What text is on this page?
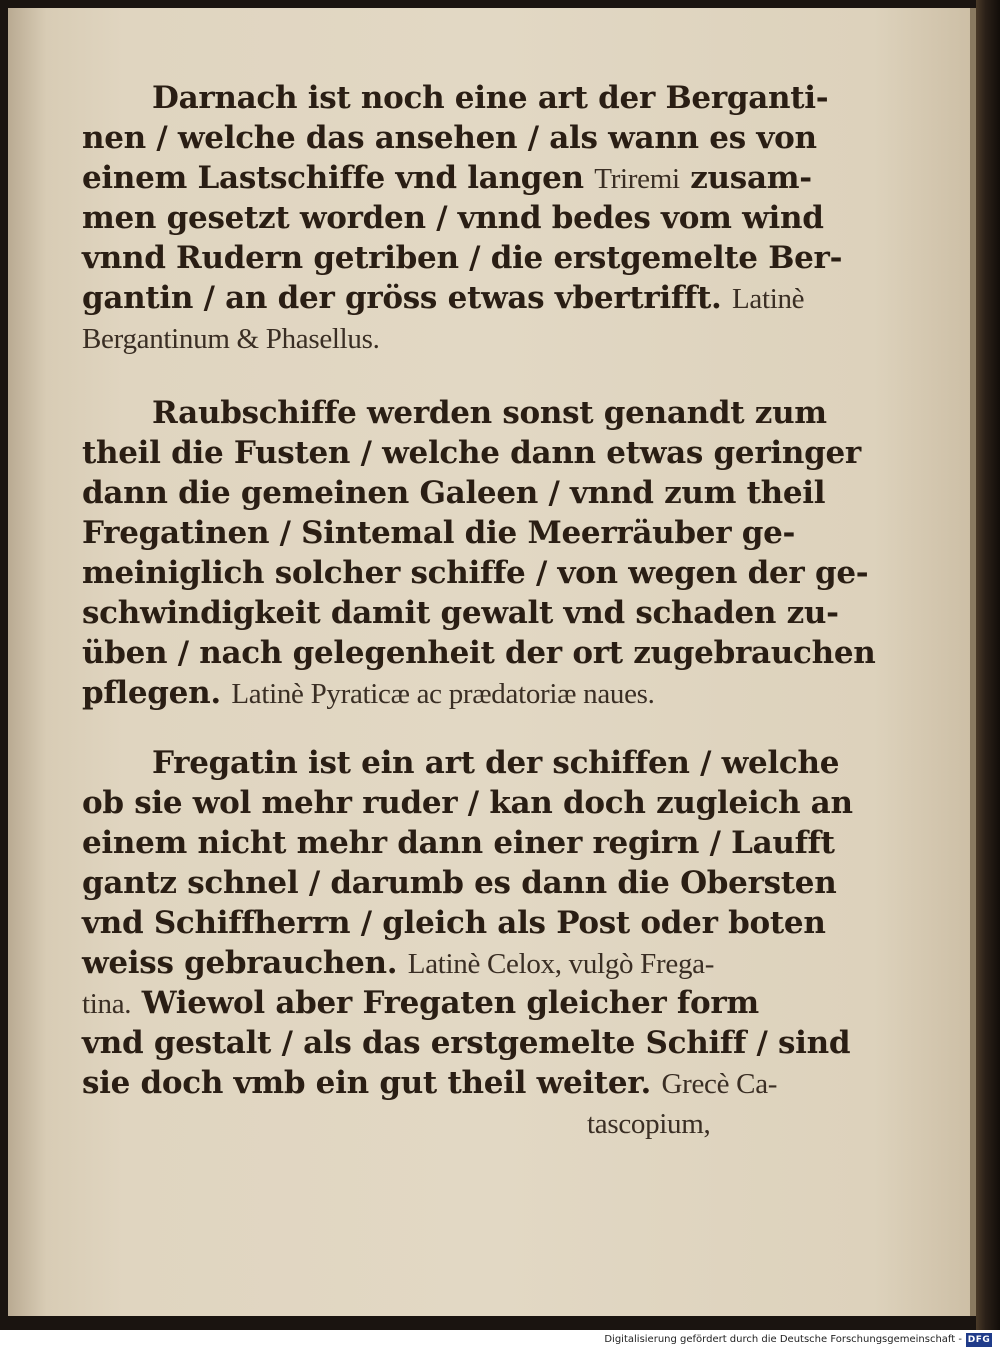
Darnach ist noch eine art der Berganti-
nen / welche das ansehen / als wann es von
einem Lastschiffe vnd langen Triremi zusam-
men gesetzt worden / vnnd bedes vom wind
vnnd Rudern getriben / die erstgemelte Ber-
gantin / an der gröss etwas vbertrifft. Latinè
Bergantinum & Phasellus.
Raubschiffe werden sonst genandt zum
theil die Fusten / welche dann etwas geringer
dann die gemeinen Galeen / vnnd zum theil
Fregatinen / Sintemal die Meerräuber ge-
meiniglich solcher schiffe / von wegen der ge-
schwindigkeit damit gewalt vnd schaden zu-
üben / nach gelegenheit der ort zugebrauchen
pflegen. Latinè Pyraticæ ac prædatoriæ naues.
Fregatin ist ein art der schiffen / welche
ob sie wol mehr ruder / kan doch zugleich an
einem nicht mehr dann einer regirn / Laufft
gantz schnel / darumb es dann die Obersten
vnd Schiffherrn / gleich als Post oder boten
weiss gebrauchen. Latinè Celox, vulgò Frega-
tina. Wiewol aber Fregaten gleicher form
vnd gestalt / als das erstgemelte Schiff / sind
sie doch vmb ein gut theil weiter. Grecè Ca-
tascopium,
Digitalisierung gefördert durch die Deutsche Forschungsgemeinschaft - DFG
